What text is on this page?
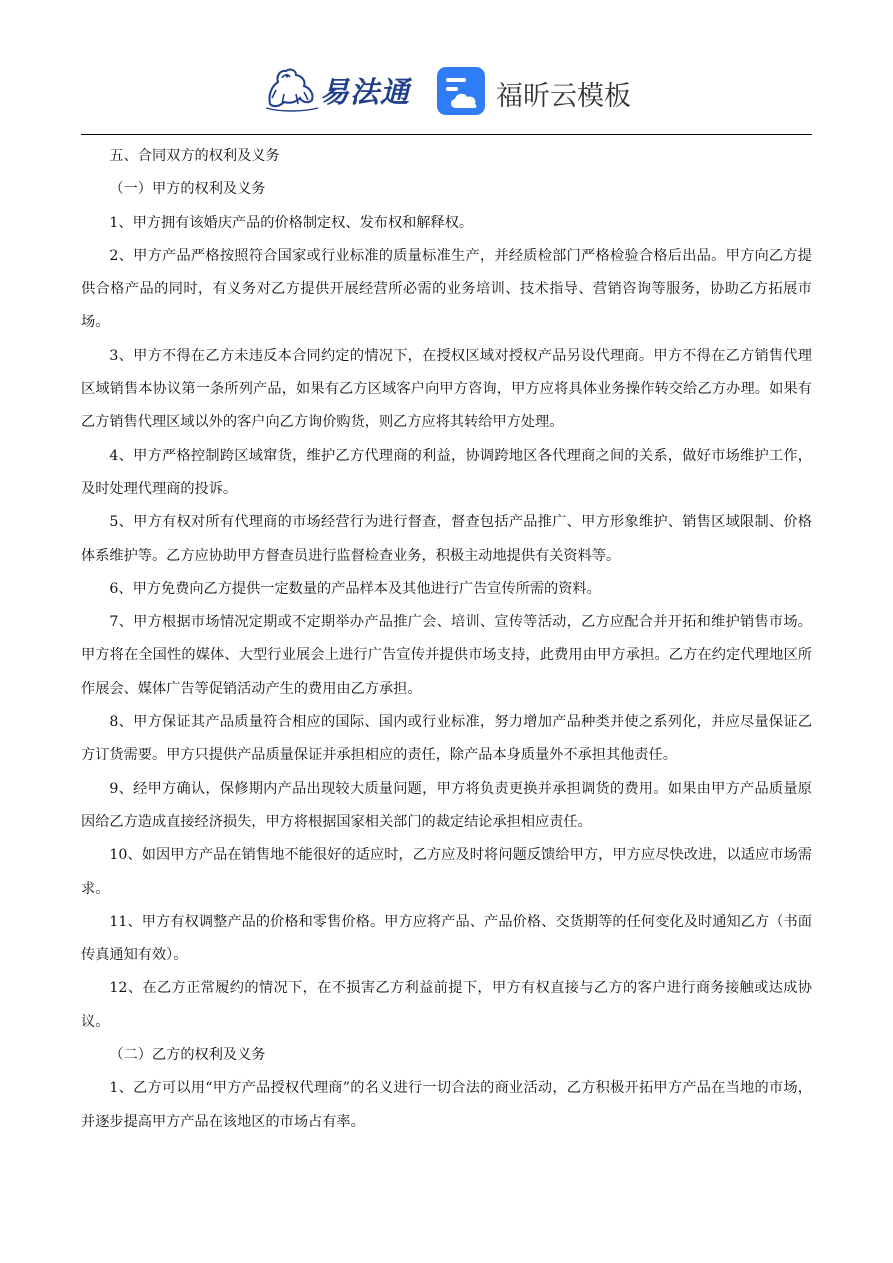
易法通	福昕云模板

五、合同双方的权利及义务

（一）甲方的权利及义务

1、甲方拥有该婚庆产品的价格制定权、发布权和解释权。

2、甲方产品严格按照符合国家或行业标准的质量标准生产，并经质检部门严格检验合格后出品。甲方向乙方提供合格产品的同时，有义务对乙方提供开展经营所必需的业务培训、技术指导、营销咨询等服务，协助乙方拓展市场。

3、甲方不得在乙方未违反本合同约定的情况下，在授权区域对授权产品另设代理商。甲方不得在乙方销售代理区域销售本协议第一条所列产品，如果有乙方区域客户向甲方咨询，甲方应将具体业务操作转交给乙方办理。如果有乙方销售代理区域以外的客户向乙方询价购货，则乙方应将其转给甲方处理。

4、甲方严格控制跨区域窜货，维护乙方代理商的利益，协调跨地区各代理商之间的关系，做好市场维护工作，及时处理代理商的投诉。

5、甲方有权对所有代理商的市场经营行为进行督查，督查包括产品推广、甲方形象维护、销售区域限制、价格体系维护等。乙方应协助甲方督查员进行监督检查业务，积极主动地提供有关资料等。

6、甲方免费向乙方提供一定数量的产品样本及其他进行广告宣传所需的资料。

7、甲方根据市场情况定期或不定期举办产品推广会、培训、宣传等活动，乙方应配合并开拓和维护销售市场。甲方将在全国性的媒体、大型行业展会上进行广告宣传并提供市场支持，此费用由甲方承担。乙方在约定代理地区所作展会、媒体广告等促销活动产生的费用由乙方承担。

8、甲方保证其产品质量符合相应的国际、国内或行业标准，努力增加产品种类并使之系列化，并应尽量保证乙方订货需要。甲方只提供产品质量保证并承担相应的责任，除产品本身质量外不承担其他责任。

9、经甲方确认，保修期内产品出现较大质量问题，甲方将负责更换并承担调货的费用。如果由甲方产品质量原因给乙方造成直接经济损失，甲方将根据国家相关部门的裁定结论承担相应责任。

10、如因甲方产品在销售地不能很好的适应时，乙方应及时将问题反馈给甲方，甲方应尽快改进，以适应市场需求。

11、甲方有权调整产品的价格和零售价格。甲方应将产品、产品价格、交货期等的任何变化及时通知乙方（书面传真通知有效）。

12、在乙方正常履约的情况下，在不损害乙方利益前提下，甲方有权直接与乙方的客户进行商务接触或达成协议。

（二）乙方的权利及义务

1、乙方可以用“甲方产品授权代理商”的名义进行一切合法的商业活动，乙方积极开拓甲方产品在当地的市场，并逐步提高甲方产品在该地区的市场占有率。
